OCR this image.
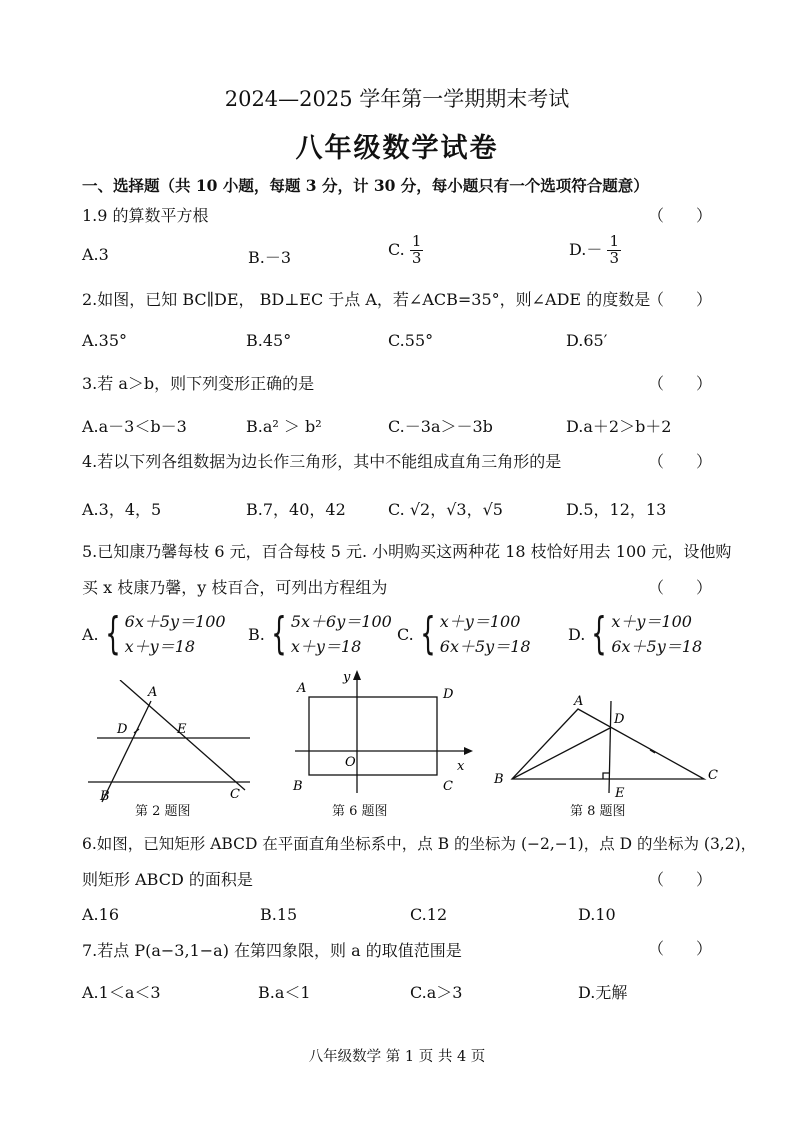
2024—2025 学年第一学期期末考试
八年级数学试卷
一、选择题（共 10 小题，每题 3 分，计 30 分，每小题只有一个选项符合题意）
1.9 的算数平方根	（　　）
A.3	B.－3	C. $\frac{1}{3}$	$D.- \frac{1}{3}$
2.如图，已知 BC∥DE， BD⊥EC 于点 A，若∠ACB=35°，则∠ADE 的度数是
（　　）
A.35°	B.45°	C.55°	D.65′
3.若 a＞b，则下列变形正确的是	（　　）
A.a－3＜b－3	B.a² ＞ b²	C.－3a＞－3b	D.a＋2＞b＋2
4.若以下列各组数据为边长作三角形，其中不能组成直角三角形的是	（　　）
A.3，4，5	B.7，40，42	C. √2，√3，√5	D.5，12，13
5.已知康乃馨每枝 6 元，百合每枝 5 元. 小明购买这两种花 18 枝恰好用去 100 元，设他购
买 x 枝康乃馨，y 枝百合，可列出方程组为	（　　）
A. { 6x＋5y＝100
x＋y＝18
B. { 5x＋6y＝100
x＋y＝18
C. { x＋y＝100
6x＋5y＝18
D. { x＋y＝100
6x＋5y＝18
A
D	E
B	C
第 2 题图
y
A	D
O	x
B	C
第 6 题图
A
D
B
E
C
第 8 题图
6.如图，已知矩形 ABCD 在平面直角坐标系中，点 B 的坐标为 (−2,−1)，点 D 的坐标为 (3,2)，
则矩形 ABCD 的面积是	（　　）
A.16	B.15	C.12	D.10
7.若点 P(a−3,1−a) 在第四象限，则 a 的取值范围是	（　　）
A.1＜a＜3	B.a＜1	C.a＞3	D.无解
八年级数学 第 1 页 共 4 页
